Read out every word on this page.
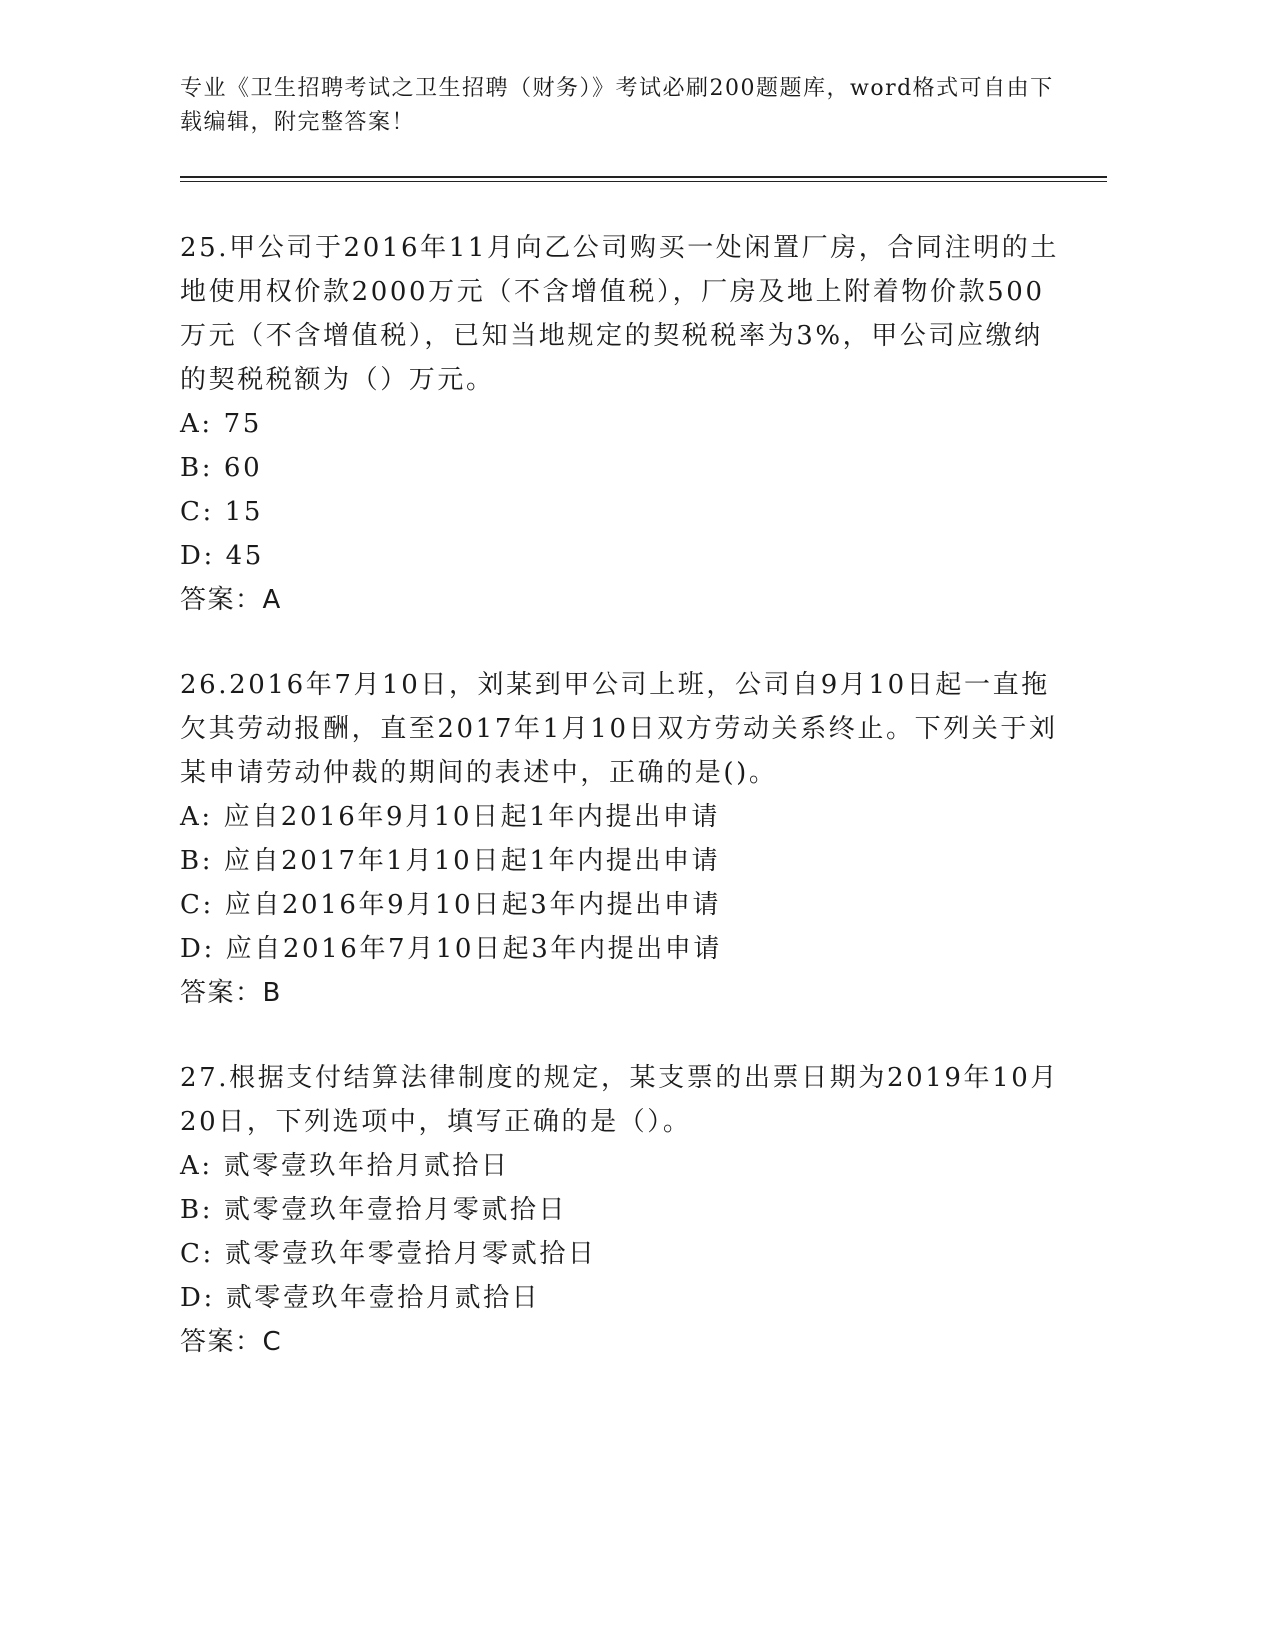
专业《卫生招聘考试之卫生招聘（财务）》考试必刷200题题库，word格式可自由下载编辑，附完整答案！

25.甲公司于2016年11月向乙公司购买一处闲置厂房，合同注明的土地使用权价款2000万元（不含增值税），厂房及地上附着物价款500万元（不含增值税），已知当地规定的契税税率为3%，甲公司应缴纳的契税税额为（）万元。

A: 75

B: 60

C: 15

D: 45

答案：A

26.2016年7月10日，刘某到甲公司上班，公司自9月10日起一直拖欠其劳动报酬，直至2017年1月10日双方劳动关系终止。下列关于刘某申请劳动仲裁的期间的表述中，正确的是()。

A: 应自2016年9月10日起1年内提出申请

B: 应自2017年1月10日起1年内提出申请

C: 应自2016年9月10日起3年内提出申请

D: 应自2016年7月10日起3年内提出申请

答案：B

27.根据支付结算法律制度的规定，某支票的出票日期为2019年10月20日，下列选项中，填写正确的是（）。

A: 贰零壹玖年拾月贰拾日

B: 贰零壹玖年壹拾月零贰拾日

C: 贰零壹玖年零壹拾月零贰拾日

D: 贰零壹玖年壹拾月贰拾日

答案：C
